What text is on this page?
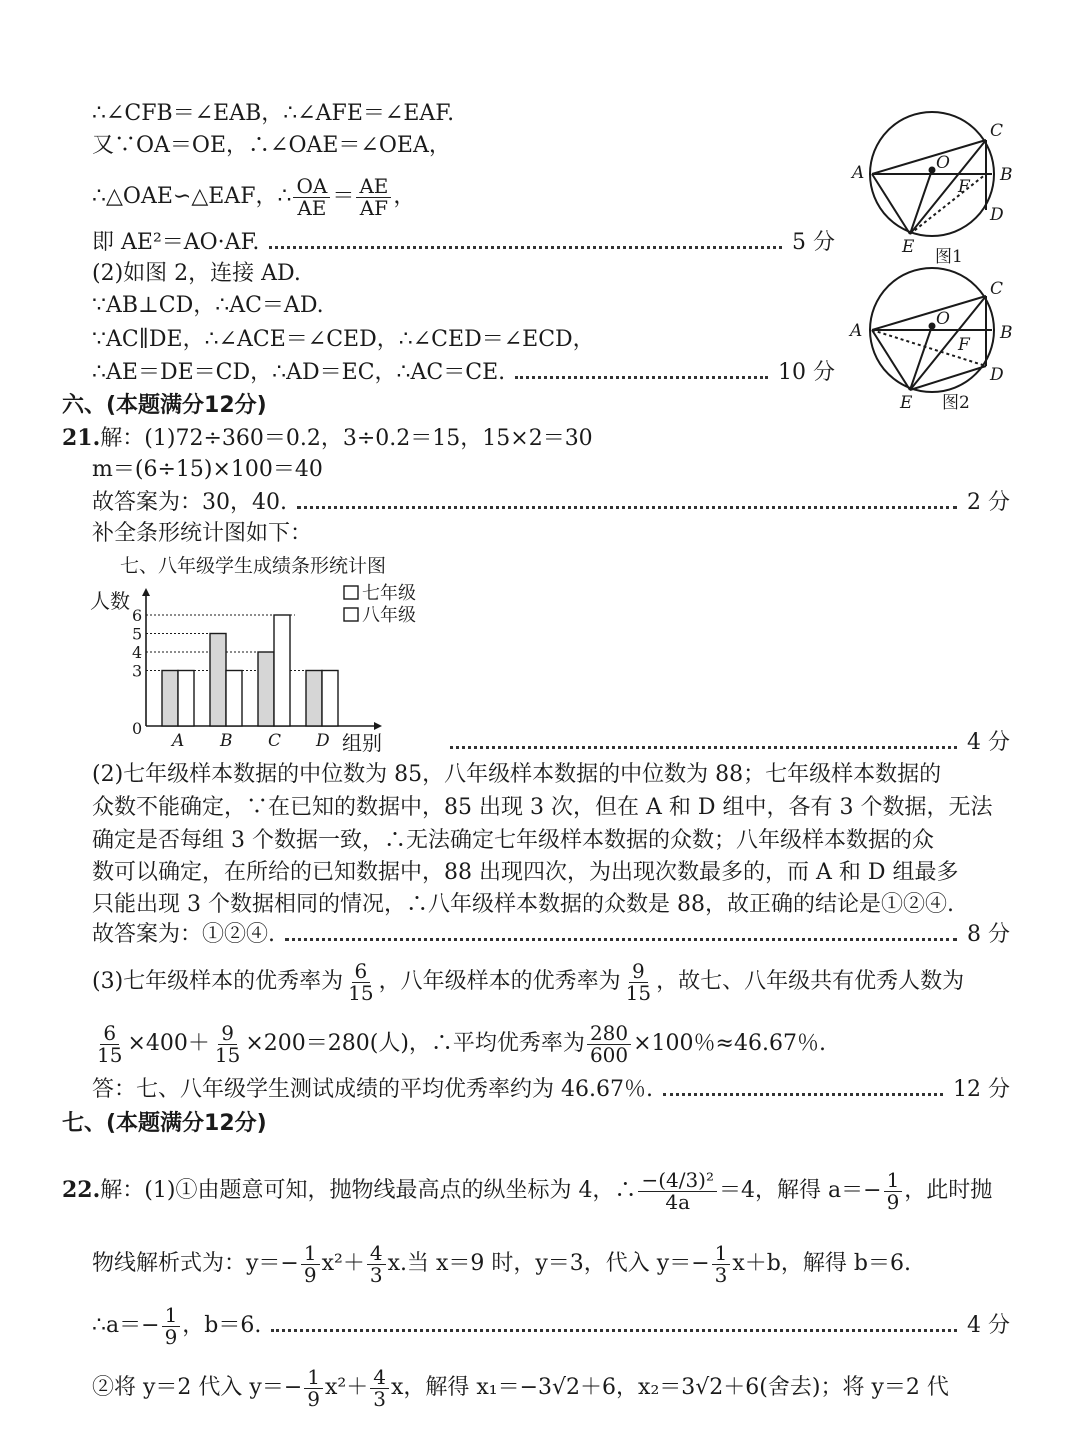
∴∠CFB＝∠EAB，∴∠AFE＝∠EAF.
又∵OA＝OE，∴∠OAE＝∠OEA，
∴△OAE∽△EAF，∴ $\frac{OA}{AE} = \frac{AE}{AF}$ ，
即 AE²＝AO·AF.	5 分
(2)如图 2，连接 AD.
∵AB⊥CD，∴AC＝AD.
∵AC∥DE，∴∠ACE＝∠CED，∴∠CED＝∠ECD，
∴AE＝DE＝CD，∴AD＝EC，∴AC＝CE.	10 分
A	B
C
D
E
O
F
图1
A	B
C
D
E
O
F
图2
六、(本题满分12分)
21.解：(1)72÷360＝0.2，3÷0.2＝15，15×2＝30
m＝(6÷15)×100＝40
故答案为：30，40.	2 分
补全条形统计图如下：
七、八年级学生成绩条形统计图
人数
0
3
4
5
6
A B C D 组别
七年级
八年级
4 分
(2)七年级样本数据的中位数为 85，八年级样本数据的中位数为 88；七年级样本数据的
众数不能确定，∵在已知的数据中，85 出现 3 次，但在 A 和 D 组中，各有 3 个数据，无法
确定是否每组 3 个数据一致，∴无法确定七年级样本数据的众数；八年级样本数据的众
数可以确定，在所给的已知数据中，88 出现四次，为出现次数最多的，而 A 和 D 组最多
只能出现 3 个数据相同的情况，∴八年级样本数据的众数是 88，故正确的结论是①②④.
故答案为：①②④.	8 分
(3)七年级样本的优秀率为 $\frac{6}{15}$ ，八年级样本的优秀率为 $\frac{9}{15}$ ，故七、八年级共有优秀人数为
$\frac{6}{15} \times 400+ \frac{9}{15} \times 200=280$(人)，∴平均优秀率为 $\frac{280}{600} \times 100$％≈46.67％.
答：七、八年级学生测试成绩的平均优秀率约为 46.67％.	12 分
七、(本题满分12分)
22.解：(1)①由题意可知，抛物线最高点的纵坐标为 4，∴ $\frac{\text{−(4/3)²}}{4a} =4$，解得 $a=- \frac{1}{9}$ ，此时抛
物线解析式为：$y=- \frac{1}{9} x^2+ \frac{4}{3} x$.当 x＝9 时，y＝3，代入 $y=- \frac{1}{3} x+b$，解得 b＝6.
∴a＝− $\frac{1}{9}$ ，b＝6.	4 分
②将 y＝2 代入 $y=- \frac{1}{9} x^2+ \frac{4}{3}$ x，解得 x₁＝−3√2＋6，x₂＝3√2＋6(舍去)；将 y＝2 代
